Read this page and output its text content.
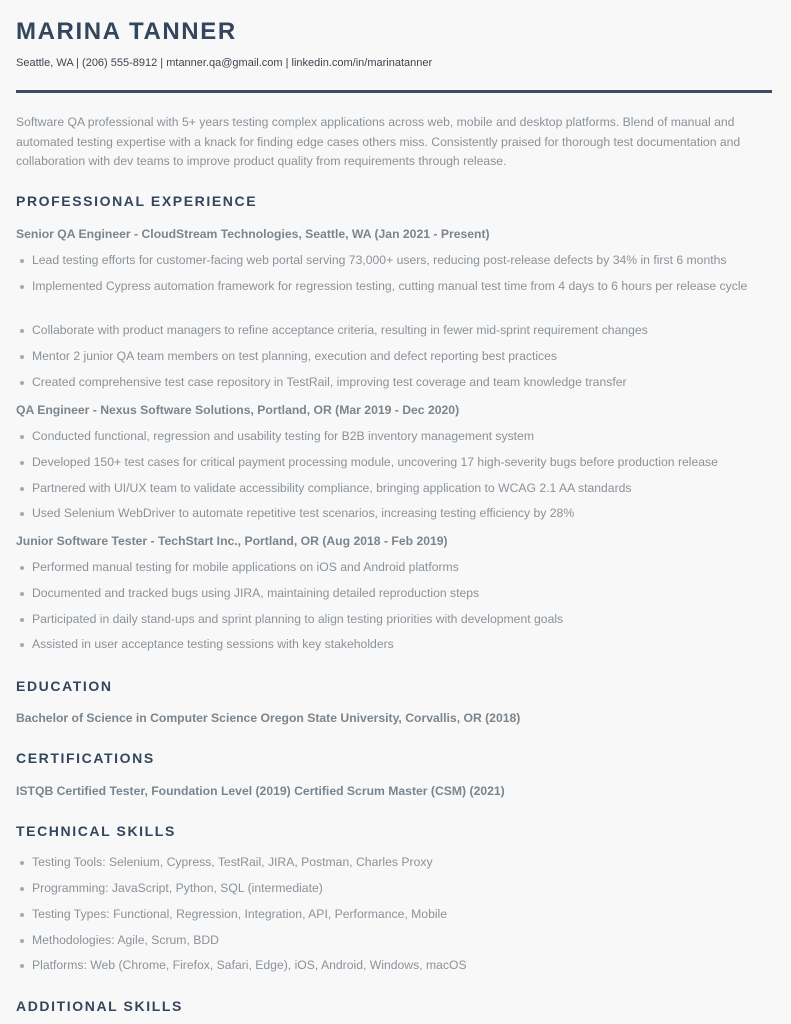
MARINA TANNER
Seattle, WA | (206) 555-8912 | mtanner.qa@gmail.com | linkedin.com/in/marinatanner
Software QA professional with 5+ years testing complex applications across web, mobile and desktop platforms. Blend of manual and automated testing expertise with a knack for finding edge cases others miss. Consistently praised for thorough test documentation and collaboration with dev teams to improve product quality from requirements through release.
PROFESSIONAL EXPERIENCE
Senior QA Engineer - CloudStream Technologies, Seattle, WA (Jan 2021 - Present)
Lead testing efforts for customer-facing web portal serving 73,000+ users, reducing post-release defects by 34% in first 6 months
Implemented Cypress automation framework for regression testing, cutting manual test time from 4 days to 6 hours per release cycle
Collaborate with product managers to refine acceptance criteria, resulting in fewer mid-sprint requirement changes
Mentor 2 junior QA team members on test planning, execution and defect reporting best practices
Created comprehensive test case repository in TestRail, improving test coverage and team knowledge transfer
QA Engineer - Nexus Software Solutions, Portland, OR (Mar 2019 - Dec 2020)
Conducted functional, regression and usability testing for B2B inventory management system
Developed 150+ test cases for critical payment processing module, uncovering 17 high-severity bugs before production release
Partnered with UI/UX team to validate accessibility compliance, bringing application to WCAG 2.1 AA standards
Used Selenium WebDriver to automate repetitive test scenarios, increasing testing efficiency by 28%
Junior Software Tester - TechStart Inc., Portland, OR (Aug 2018 - Feb 2019)
Performed manual testing for mobile applications on iOS and Android platforms
Documented and tracked bugs using JIRA, maintaining detailed reproduction steps
Participated in daily stand-ups and sprint planning to align testing priorities with development goals
Assisted in user acceptance testing sessions with key stakeholders
EDUCATION
Bachelor of Science in Computer Science Oregon State University, Corvallis, OR (2018)
CERTIFICATIONS
ISTQB Certified Tester, Foundation Level (2019) Certified Scrum Master (CSM) (2021)
TECHNICAL SKILLS
Testing Tools: Selenium, Cypress, TestRail, JIRA, Postman, Charles Proxy
Programming: JavaScript, Python, SQL (intermediate)
Testing Types: Functional, Regression, Integration, API, Performance, Mobile
Methodologies: Agile, Scrum, BDD
Platforms: Web (Chrome, Firefox, Safari, Edge), iOS, Android, Windows, macOS
ADDITIONAL SKILLS
